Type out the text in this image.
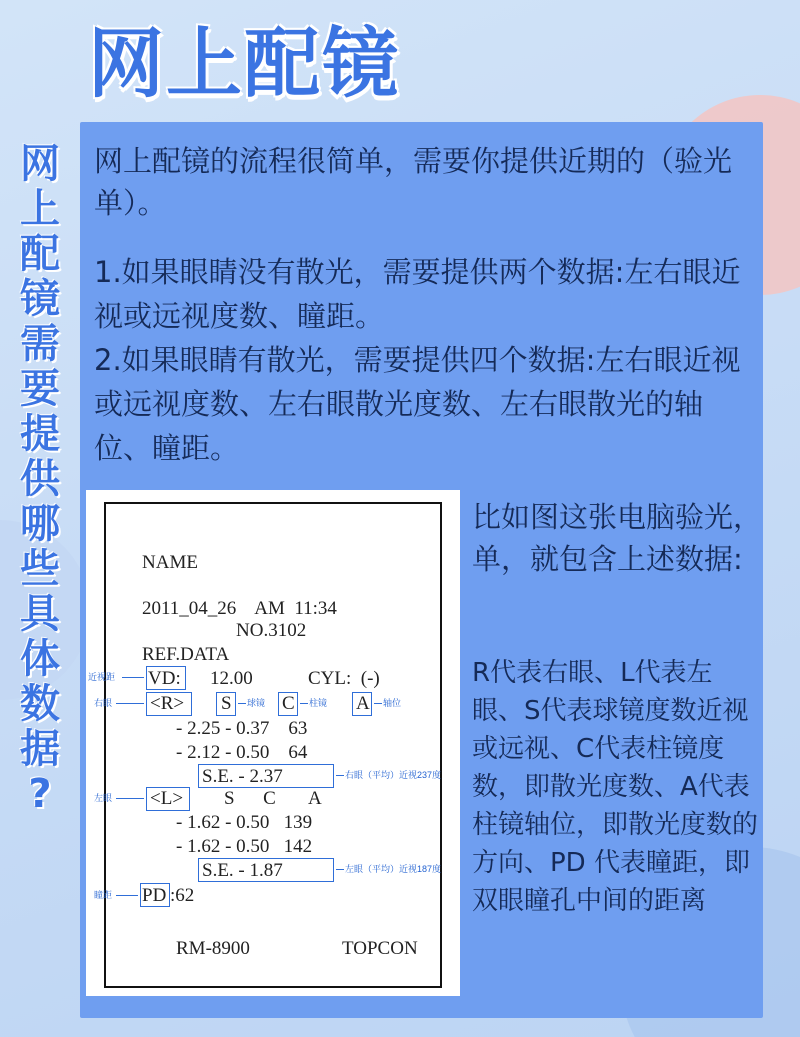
网上配镜
网
上
配
镜
需
要
提
供
哪
些
具
体
数
据
?
网上配镜的流程很简单，需要你提供近期的（验光单）。

1.如果眼睛没有散光，需要提供两个数据:左右眼近视或远视度数、瞳距。

2.如果眼睛有散光，需要提供四个数据:左右眼近视或远视度数、左右眼散光度数、左右眼散光的轴位、瞳距。

NAME
2011_04_26    AM  11:34
NO.3102
REF.DATA
近视距 VD: 12.00	CYL:  (-)
右眼 <R> S 球镜 C 柱镜 A 轴位
- 2.25 - 0.37    63
- 2.12 - 0.50    64
S.E. - 2.37	右眼（平均）近视237度
左眼 <L> S      C       A
- 1.62 - 0.50   139
- 1.62 - 0.50   142
S.E. - 1.87	左眼（平均）近视187度
瞳距 PD :62
RM-8900	TOPCON
比如图这张电脑验光，单，就包含上述数据:
R代表右眼、L代表左眼、S代表球镜度数近视或远视、C代表柱镜度数，即散光度数、A代表柱镜轴位，即散光度数的方向、PD 代表瞳距，即双眼瞳孔中间的距离
